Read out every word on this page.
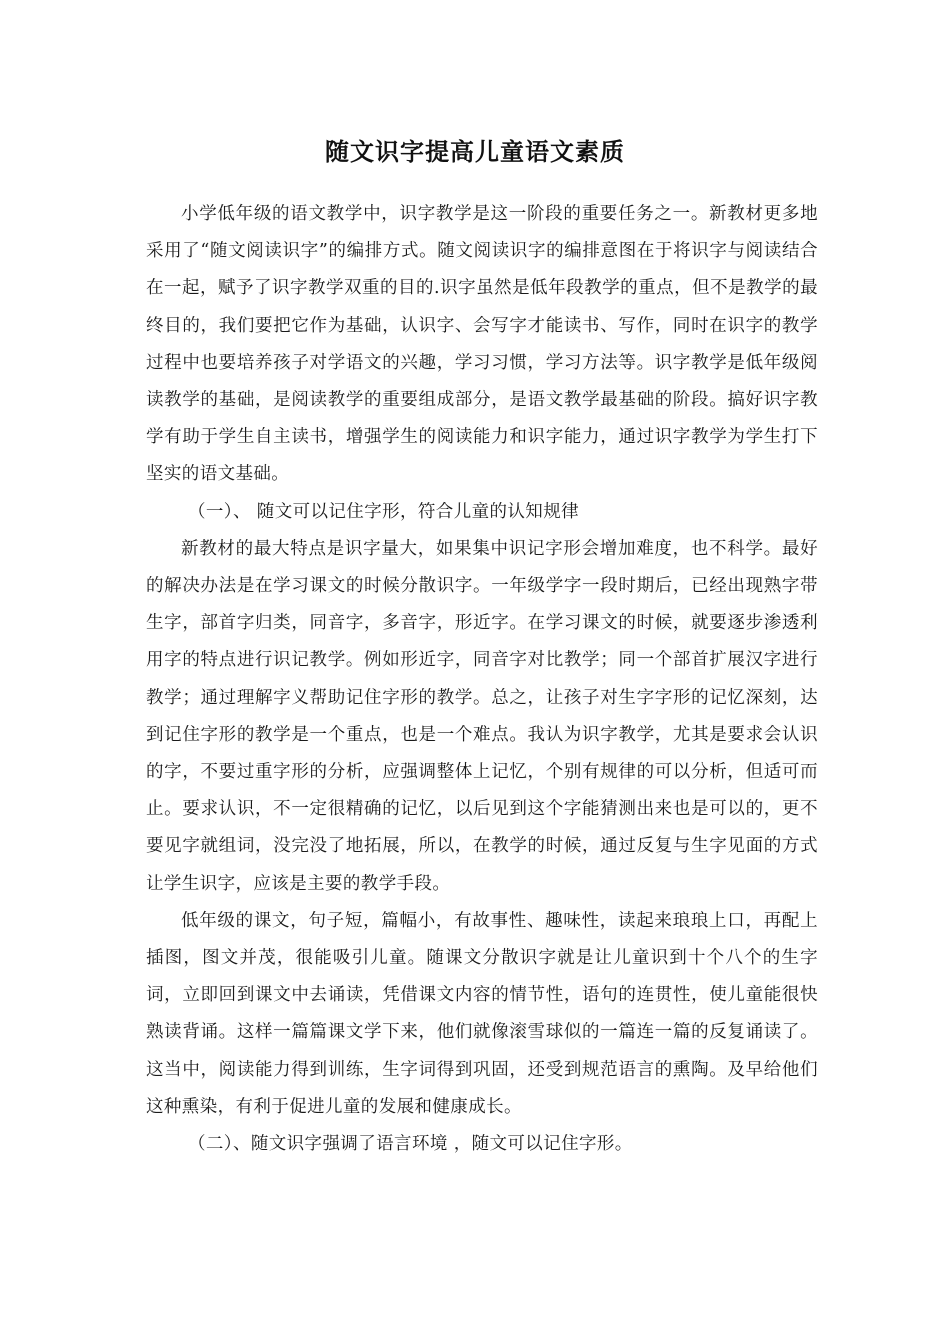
随文识字提高儿童语文素质

小学低年级的语文教学中，识字教学是这一阶段的重要任务之一。新教材更多地采用了“随文阅读识字”的编排方式。随文阅读识字的编排意图在于将识字与阅读结合在一起，赋予了识字教学双重的目的.识字虽然是低年段教学的重点，但不是教学的最终目的，我们要把它作为基础，认识字、会写字才能读书、写作，同时在识字的教学过程中也要培养孩子对学语文的兴趣，学习习惯，学习方法等。识字教学是低年级阅读教学的基础，是阅读教学的重要组成部分，是语文教学最基础的阶段。搞好识字教学有助于学生自主读书，增强学生的阅读能力和识字能力，通过识字教学为学生打下坚实的语文基础。

（一）、 随文可以记住字形，符合儿童的认知规律

新教材的最大特点是识字量大，如果集中识记字形会增加难度，也不科学。最好的解决办法是在学习课文的时候分散识字。一年级学字一段时期后，已经出现熟字带生字，部首字归类，同音字，多音字，形近字。在学习课文的时候，就要逐步渗透利用字的特点进行识记教学。例如形近字，同音字对比教学；同一个部首扩展汉字进行教学；通过理解字义帮助记住字形的教学。总之，让孩子对生字字形的记忆深刻，达到记住字形的教学是一个重点，也是一个难点。我认为识字教学，尤其是要求会认识的字，不要过重字形的分析，应强调整体上记忆，个别有规律的可以分析，但适可而止。要求认识，不一定很精确的记忆，以后见到这个字能猜测出来也是可以的，更不要见字就组词，没完没了地拓展，所以，在教学的时候，通过反复与生字见面的方式让学生识字，应该是主要的教学手段。

低年级的课文，句子短，篇幅小，有故事性、趣味性，读起来琅琅上口，再配上插图，图文并茂，很能吸引儿童。随课文分散识字就是让儿童识到十个八个的生字词，立即回到课文中去诵读，凭借课文内容的情节性，语句的连贯性，使儿童能很快熟读背诵。这样一篇篇课文学下来，他们就像滚雪球似的一篇连一篇的反复诵读了。这当中，阅读能力得到训练，生字词得到巩固，还受到规范语言的熏陶。及早给他们这种熏染，有利于促进儿童的发展和健康成长。

（二）、随文识字强调了语言环境 ，随文可以记住字形。
